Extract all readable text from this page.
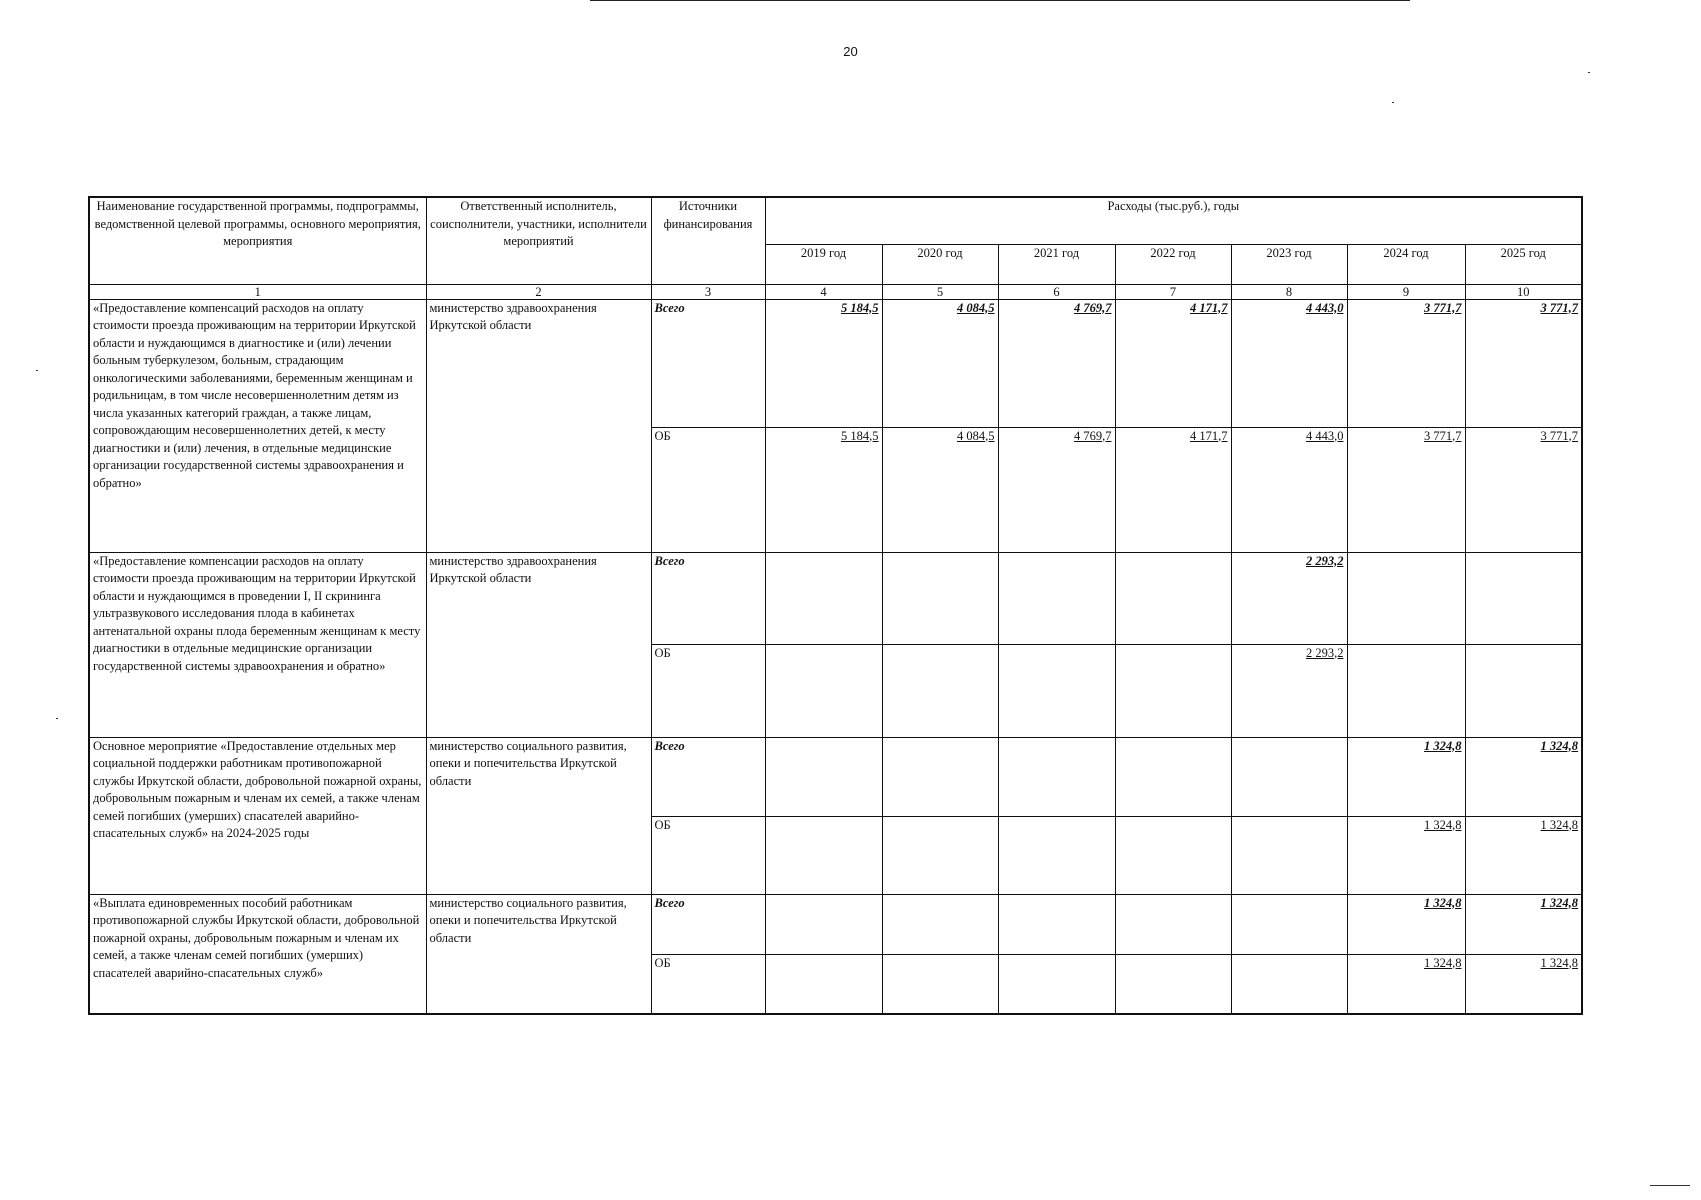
20
Наименование государственной программы, подпрограммы, ведомственной целевой программы, основного мероприятия, мероприятия	Ответственный исполнитель, соисполнители, участники, исполнители мероприятий	Источники финансирования	Расходы (тыс.руб.), годы						
			2019 год	2020 год	2021 год	2022 год	2023 год	2024 год	2025 год
1	2	3	4	5	6	7	8	9	10
«Предоставление компенсаций расходов на оплату стоимости проезда проживающим на территории Иркутской области и нуждающимся в диагностике и (или) лечении больным туберкулезом, больным, страдающим онкологическими заболеваниями, беременным женщинам и родильницам, в том числе несовершеннолетним детям из числа указанных категорий граждан, а также лицам, сопровождающим несовершеннолетних детей, к месту диагностики и (или) лечения, в отдельные медицинские организации государственной системы здравоохранения и обратно»	министерство здравоохранения Иркутской области	Всего	5 184,5	4 084,5	4 769,7	4 171,7	4 443,0	3 771,7	3 771,7
		ОБ	5 184,5	4 084,5	4 769,7	4 171,7	4 443,0	3 771,7	3 771,7
«Предоставление компенсации расходов на оплату стоимости проезда проживающим на территории Иркутской области и нуждающимся в проведении I, II скрининга ультразвукового исследования плода в кабинетах антенатальной охраны плода беременным женщинам к месту диагностики в отдельные медицинские организации государственной системы здравоохранения и обратно»	министерство здравоохранения Иркутской области	Всего					2 293,2		
		ОБ					2 293,2		
Основное мероприятие «Предоставление отдельных мер социальной поддержки работникам противопожарной службы Иркутской области, добровольной пожарной охраны, добровольным пожарным и членам их семей, а также членам семей погибших (умерших) спасателей аварийно-спасательных служб» на 2024-2025 годы	министерство социального развития, опеки и попечительства Иркутской области	Всего						1 324,8	1 324,8
		ОБ						1 324,8	1 324,8
«Выплата единовременных пособий работникам противопожарной службы Иркутской области, добровольной пожарной охраны, добровольным пожарным и членам их семей, а также членам семей погибших (умерших) спасателей аварийно-спасательных служб»	министерство социального развития, опеки и попечительства Иркутской области	Всего						1 324,8	1 324,8
		ОБ						1 324,8	1 324,8
